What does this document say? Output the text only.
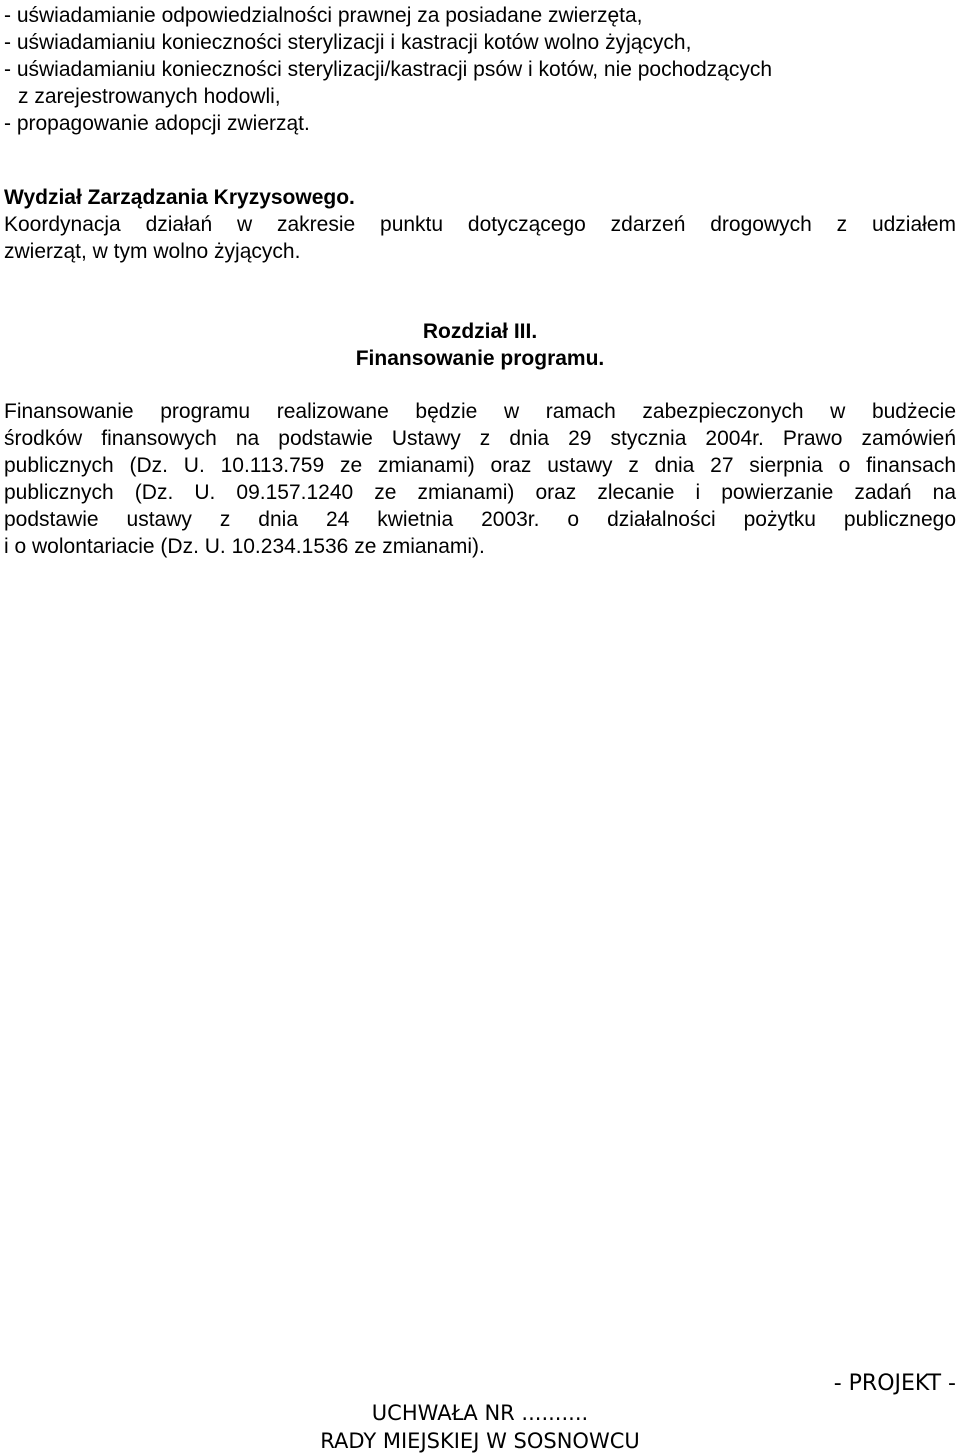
- uświadamianie odpowiedzialności prawnej za posiadane zwierzęta,
- uświadamianiu konieczności sterylizacji i kastracji kotów wolno żyjących,
- uświadamianiu konieczności sterylizacji/kastracji psów i kotów, nie pochodzących
z zarejestrowanych hodowli,
- propagowanie adopcji zwierząt.
Wydział Zarządzania Kryzysowego.
Koordynacja działań w zakresie punktu dotyczącego zdarzeń drogowych z udziałem
zwierząt, w tym wolno żyjących.
Rozdział III.
Finansowanie programu.
Finansowanie programu realizowane będzie w ramach zabezpieczonych w budżecie
środków finansowych na podstawie Ustawy z dnia 29 stycznia 2004r. Prawo zamówień
publicznych (Dz. U. 10.113.759 ze zmianami) oraz ustawy z dnia 27 sierpnia o finansach
publicznych (Dz. U. 09.157.1240 ze zmianami) oraz zlecanie i powierzanie zadań na
podstawie ustawy z dnia 24 kwietnia 2003r. o działalności pożytku publicznego
i o wolontariacie (Dz. U. 10.234.1536 ze zmianami).
- PROJEKT -
UCHWAŁA NR ..........
RADY MIEJSKIEJ W SOSNOWCU
